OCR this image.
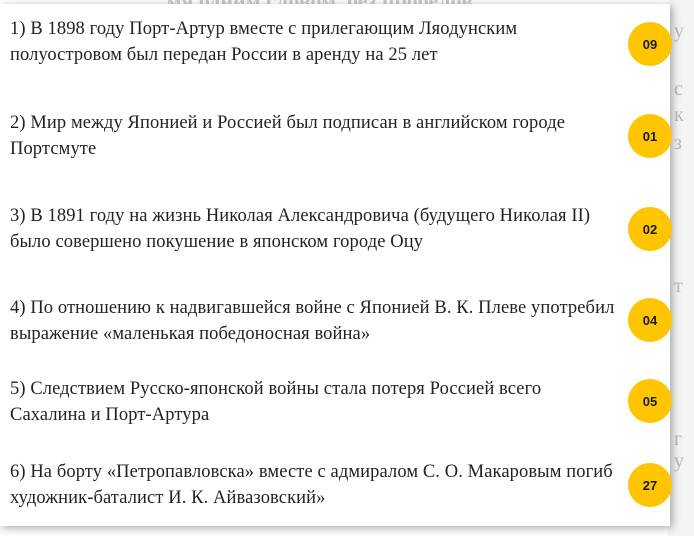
у
с
к
з
т
г
у
1) В 1898 году Порт-Артур вместе с прилегающим Ляодунским полуостровом был передан России в аренду на 25 лет
09
2) Мир между Японией и Россией был подписан в английском городе Портсмуте
01
3) В 1891 году на жизнь Николая Александровича (будущего Николая II) было совершено покушение в японском городе Оцу
02
4) По отношению к надвигавшейся войне с Японией В. К. Плеве употребил выражение «маленькая победоносная война»
04
5) Следствием Русско-японской войны стала потеря Россией всего Сахалина и Порт-Артура
05
6) На борту «Петропавловска» вместе с адмиралом С. О. Макаровым погиб художник-баталист И. К. Айвазовский»
27
